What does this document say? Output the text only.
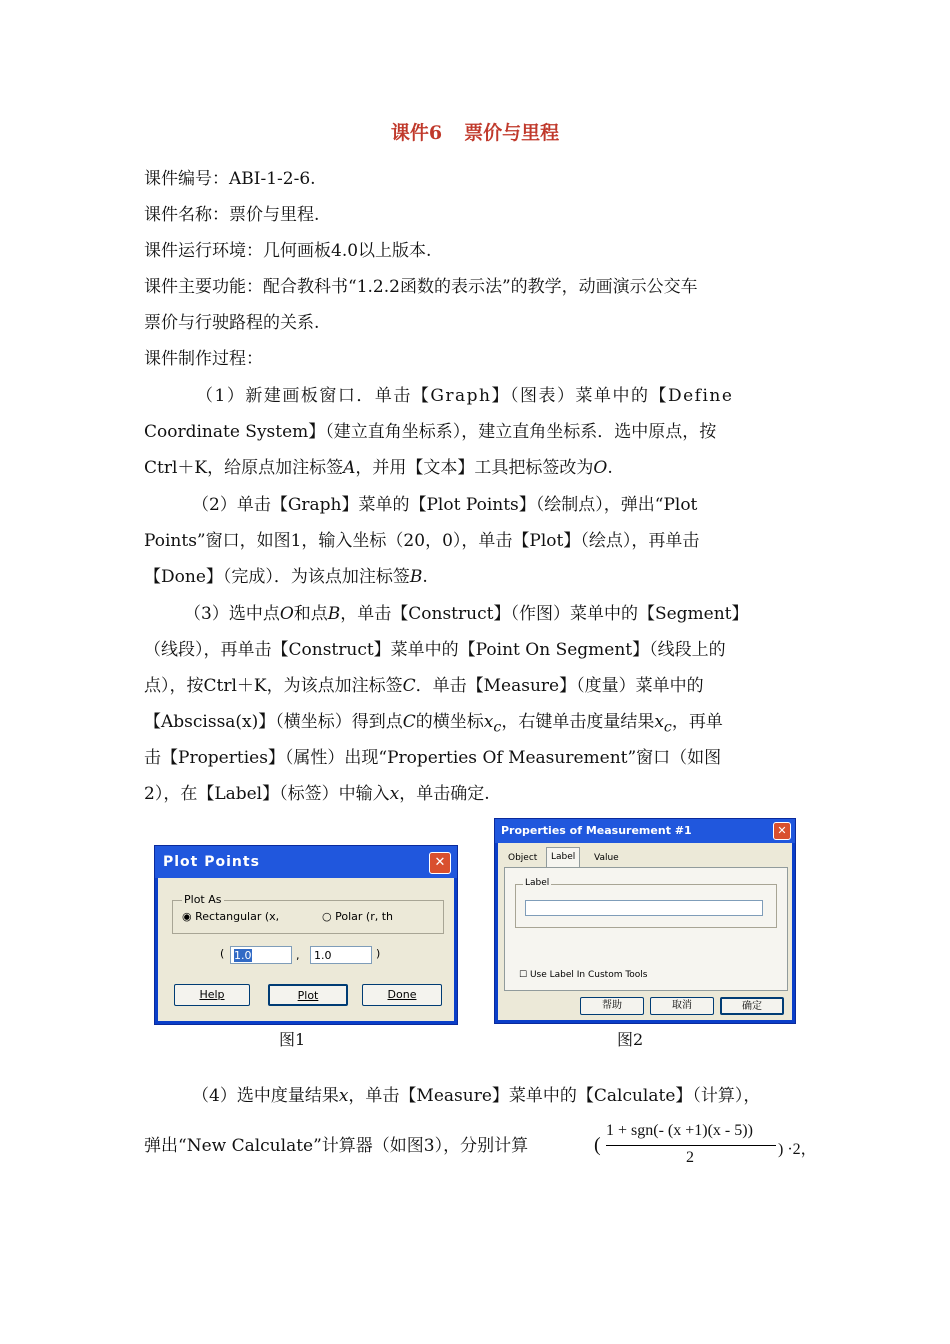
课件6 票价与里程

课件编号：ABⅠ-1-2-6.

课件名称：票价与里程.

课件运行环境：几何画板4.0以上版本.

课件主要功能：配合教科书“1.2.2函数的表示法”的教学，动画演示公交车

票价与行驶路程的关系.

课件制作过程：

（1）新建画板窗口．单击【Graph】（图表）菜单中的【Define

Coordinate System】（建立直角坐标系），建立直角坐标系．选中原点，按

Ctrl＋K，给原点加注标签A，并用【文本】工具把标签改为O.

（2）单击【Graph】菜单的【Plot Points】（绘制点），弹出“Plot

Points”窗口，如图1，输入坐标（20，0），单击【Plot】（绘点），再单击

【Done】（完成）．为该点加注标签B.

（3）选中点O和点B，单击【Construct】（作图）菜单中的【Segment】

（线段），再单击【Construct】菜单中的【Point On Segment】（线段上的

点），按Ctrl＋K，为该点加注标签C．单击【Measure】（度量）菜单中的

【Abscissa(x)】（横坐标）得到点C的横坐标$x_c$，右键单击度量结果$x_c$，再单

击【Properties】（属性）出现“Properties Of Measurement”窗口（如图

2），在【Label】（标签）中输入x，单击确定.

Plot Points	✕
Plot As
◉ Rectangular (x,	○ Polar (r, th
( 1.0	,	1.0	)
Help	Plot	Done
Properties of Measurement #1	✕
Object	Label	Value
Label
☐ Use Label In Custom Tools
帮助	取消	确定
图1	图2

（4）选中度量结果x，单击【Measure】菜单中的【Calculate】（计算），

弹出“New Calculate”计算器（如图3），分别计算	(
1 + sgn(- (x +1)(x - 5))
2	) ·2，
